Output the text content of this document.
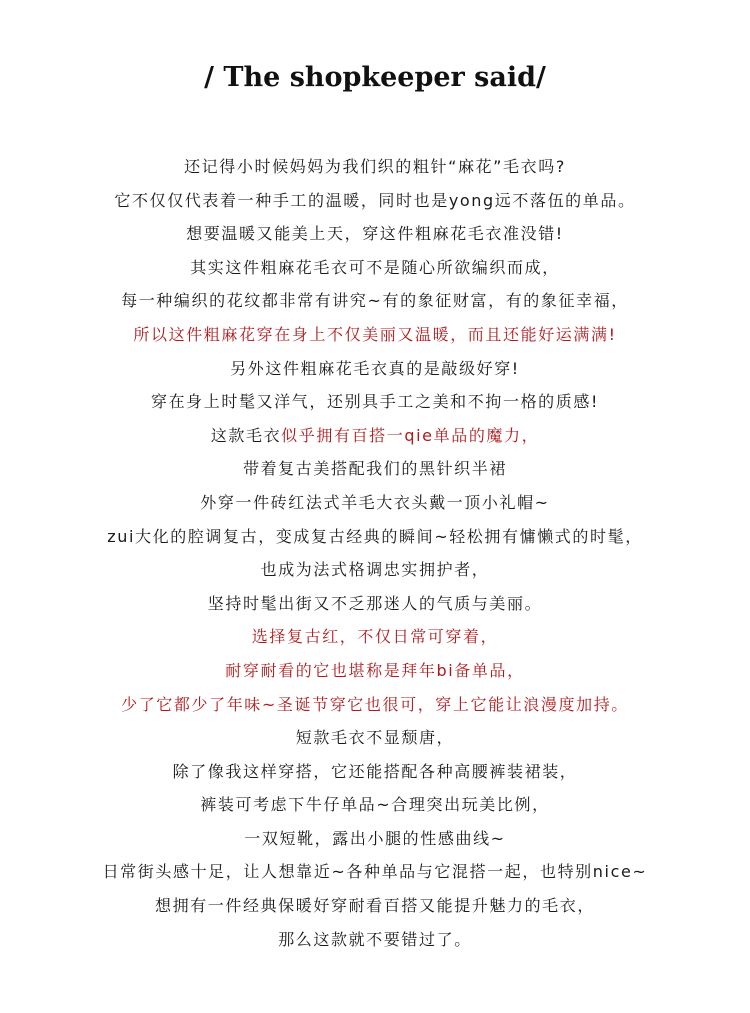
/ The shopkeeper said/
还记得小时候妈妈为我们织的粗针“麻花”毛衣吗?
它不仅仅代表着一种手工的温暖，同时也是yong远不落伍的单品。
想要温暖又能美上天，穿这件粗麻花毛衣准没错!
其实这件粗麻花毛衣可不是随心所欲编织而成，
每一种编织的花纹都非常有讲究~有的象征财富，有的象征幸福，
所以这件粗麻花穿在身上不仅美丽又温暖，而且还能好运满满!
另外这件粗麻花毛衣真的是敲级好穿!
穿在身上时髦又洋气，还别具手工之美和不拘一格的质感!
这款毛衣似乎拥有百搭一qie单品的魔力，
带着复古美搭配我们的黑针织半裙
外穿一件砖红法式羊毛大衣头戴一顶小礼帽~
zui大化的腔调复古，变成复古经典的瞬间~轻松拥有慵懒式的时髦，
也成为法式格调忠实拥护者，
坚持时髦出街又不乏那迷人的气质与美丽。
选择复古红，不仅日常可穿着，
耐穿耐看的它也堪称是拜年bi备单品，
少了它都少了年味~圣诞节穿它也很可，穿上它能让浪漫度加持。
短款毛衣不显颓唐，
除了像我这样穿搭，它还能搭配各种高腰裤装裙装，
裤装可考虑下牛仔单品~合理突出玩美比例，
一双短靴，露出小腿的性感曲线~
日常街头感十足，让人想靠近~各种单品与它混搭一起，也特别nice~
想拥有一件经典保暖好穿耐看百搭又能提升魅力的毛衣，
那么这款就不要错过了。
